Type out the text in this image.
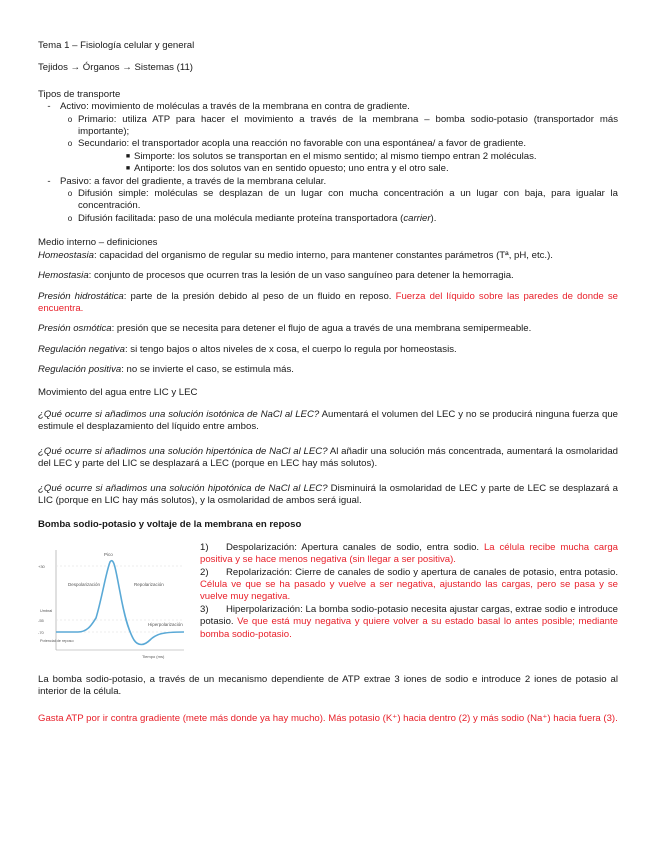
Tema 1 – Fisiología celular y general

Tejidos → Órganos → Sistemas (11)

Tipos de transporte

- Activo: movimiento de moléculas a través de la membrana en contra de gradiente.
o Primario: utiliza ATP para hacer el movimiento a través de la membrana – bomba sodio-potasio (transportador más importante);
o Secundario: el transportador acopla una reacción no favorable con una espontánea/ a favor de gradiente.
■ Simporte: los solutos se transportan en el mismo sentido; al mismo tiempo entran 2 moléculas.
■ Antiporte: los dos solutos van en sentido opuesto; uno entra y el otro sale.
- Pasivo: a favor del gradiente, a través de la membrana celular.
o Difusión simple: moléculas se desplazan de un lugar con mucha concentración a un lugar con baja, para igualar la concentración.
o Difusión facilitada: paso de una molécula mediante proteína transportadora (carrier).

Medio interno – definiciones

Homeostasia: capacidad del organismo de regular su medio interno, para mantener constantes parámetros (Tª, pH, etc.).

Hemostasia: conjunto de procesos que ocurren tras la lesión de un vaso sanguíneo para detener la hemorragia.

Presión hidrostática: parte de la presión debido al peso de un fluido en reposo. Fuerza del líquido sobre las paredes de donde se encuentra.

Presión osmótica: presión que se necesita para detener el flujo de agua a través de una membrana semipermeable.

Regulación negativa: si tengo bajos o altos niveles de x cosa, el cuerpo lo regula por homeostasis.

Regulación positiva: no se invierte el caso, se estimula más.

Movimiento del agua entre LIC y LEC

¿Qué ocurre si añadimos una solución isotónica de NaCl al LEC? Aumentará el volumen del LEC y no se producirá ninguna fuerza que estimule el desplazamiento del líquido entre ambos.

¿Qué ocurre si añadimos una solución hipertónica de NaCl al LEC? Al añadir una solución más concentrada, aumentará la osmolaridad del LEC y parte del LIC se desplazará a LEC (porque en LEC hay más solutos).

¿Qué ocurre si añadimos una solución hipotónica de NaCl al LEC? Disminuirá la osmolaridad de LEC y parte de LEC se desplazará a LIC (porque en LIC hay más solutos), y la osmolaridad de ambos será igual.

Bomba sodio-potasio y voltaje de la membrana en reposo

Pico
Despolarización	Repolarización
Hiperpolarización
+30
-55
-70
Umbral
Potencial de reposo
Tiempo (ms)

1) Despolarización: Apertura canales de sodio, entra sodio. La célula recibe mucha carga positiva y se hace menos negativa (sin llegar a ser positiva).

2) Repolarización: Cierre de canales de sodio y apertura de canales de potasio, entra potasio. Célula ve que se ha pasado y vuelve a ser negativa, ajustando las cargas, pero se pasa y se vuelve muy negativa.

3) Hiperpolarización: La bomba sodio-potasio necesita ajustar cargas, extrae sodio e introduce potasio. Ve que está muy negativa y quiere volver a su estado basal lo antes posible; mediante bomba sodio-potasio.

La bomba sodio-potasio, a través de un mecanismo dependiente de ATP extrae 3 iones de sodio e introduce 2 iones de potasio al interior de la célula.

Gasta ATP por ir contra gradiente (mete más donde ya hay mucho). Más potasio (K⁺) hacia dentro (2) y más sodio (Na⁺) hacia fuera (3).
